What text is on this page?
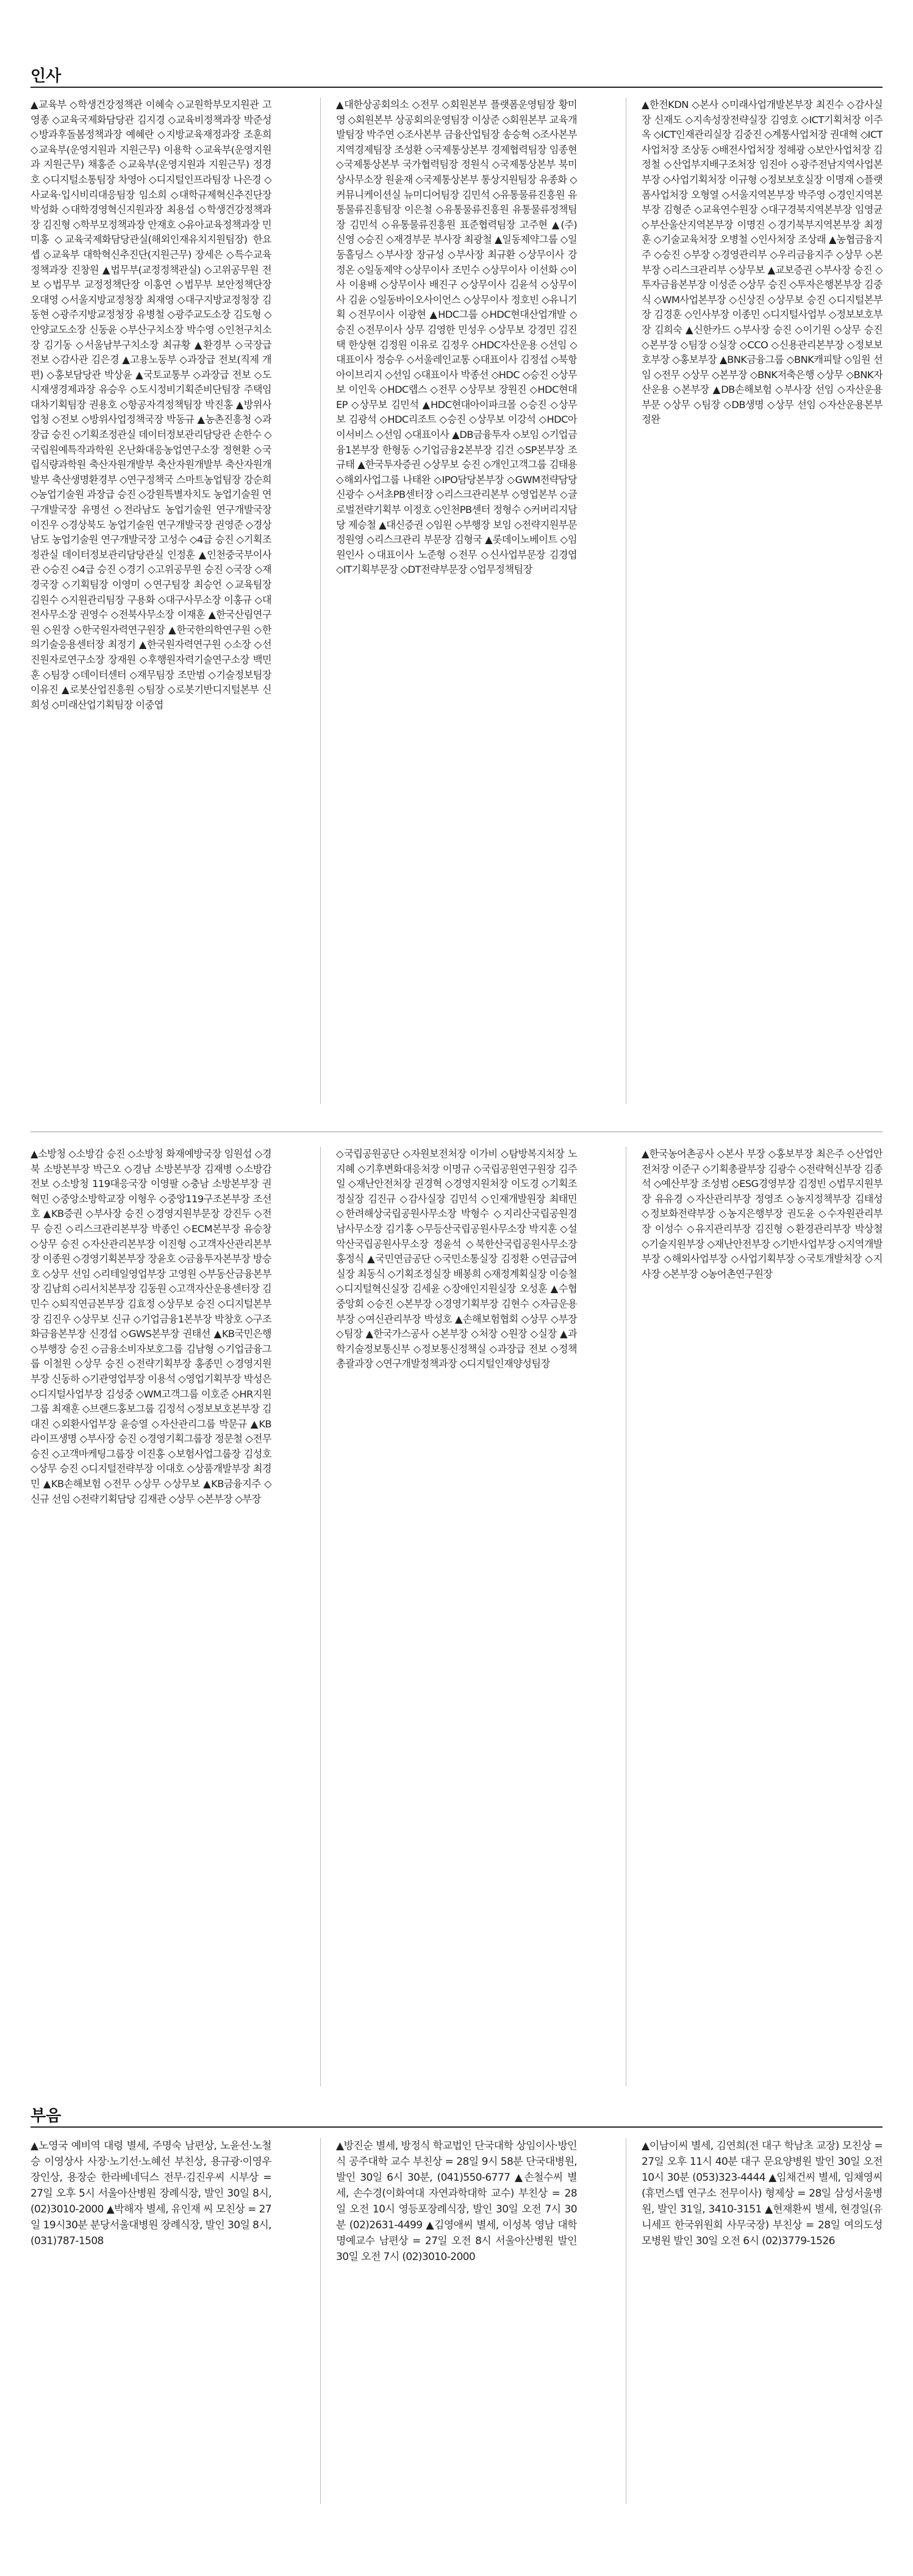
인사

▲교육부 ◇학생건강정책관 이혜숙 ◇교원학부모지원관 고영종 ◇교육국제화담당관 김지경 ◇교육비정책과장 박준성 ◇방과후돌봄정책과장 예혜란 ◇지방교육재정과장 조훈희 ◇교육부(운영지원과 지원근무) 이용학 ◇교육부(운영지원과 지원근무) 채홍준 ◇교육부(운영지원과 지원근무) 정경호 ◇디지털소통팀장 차영아 ◇디지털인프라팀장 나은경 ◇사교육·입시비리대응팀장 임소희 ◇대학규제혁신추진단장 박성화 ◇대학경영혁신지원과장 최용섭 ◇학생건강정책과장 김진형 ◇학부모정책과장 안재호 ◇유아교육정책과장 민미홍 ◇교육국제화담당관실(해외인재유치지원팀장) 한요셉 ◇교육부 대학혁신추진단(지원근무) 장세은 ◇특수교육정책과장 진창원 ▲법무부(교정정책관실) ◇고위공무원 전보 ◇법무부 교정정책단장 이홍연 ◇법무부 보안정책단장 오대영 ◇서울지방교정청장 최재영 ◇대구지방교정청장 김동현 ◇광주지방교정청장 유병철 ◇광주교도소장 김도형 ◇안양교도소장 신동윤 ◇부산구치소장 박수영 ◇인천구치소장 김기동 ◇서울남부구치소장 최규황 ▲환경부 ◇국장급 전보 ◇감사관 김은경 ▲고용노동부 ◇과장급 전보(직제 개편) ◇홍보담당관 박상윤 ▲국토교통부 ◇과장급 전보 ◇도시재생경제과장 유승우 ◇도시정비기획준비단팀장 주택임대차기획팀장 권용호 ◇항공자격정책팀장 박진홍 ▲방위사업청 ◇전보 ◇방위사업정책국장 박동규 ▲농촌진흥청 ◇과장급 승진 ◇기획조정관실 데이터정보관리담당관 손한수 ◇국립원예특작과학원 온난화대응농업연구소장 정현환 ◇국립식량과학원 축산자원개발부 축산자원개발부 축산자원개발부 축산생명환경부 ◇연구정책국 스마트농업팀장 강순희 ◇농업기술원 과장급 승진 ◇강원특별자치도 농업기술원 연구개발국장 유명선 ◇전라남도 농업기술원 연구개발국장 이진우 ◇경상북도 농업기술원 연구개발국장 권영준 ◇경상남도 농업기술원 연구개발국장 고성수 ◇4급 승진 ◇기획조정관실 데이터정보관리담당관실 인정훈 ▲인천중국부이사관 ◇승진 ◇4급 승진 ◇경기 ◇고위공무원 승진 ◇국장 ◇재경국장 ◇기획팀장 이영미 ◇연구팀장 최승언 ◇교육팀장 김원수 ◇지원관리팀장 구용화 ◇대구사무소장 이홍규 ◇대전사무소장 권영수 ◇전북사무소장 이재훈 ▲한국산림연구원 ◇원장 ◇한국원자력연구원장 ▲한국한의학연구원 ◇한의기술응용센터장 최정기 ▲한국원자력연구원 ◇소장 ◇선진원자로연구소장 장재원 ◇후행원자력기술연구소장 백민훈 ◇팀장 ◇데이터센터 ◇재무팀장 조만범 ◇기술정보팀장 이유진 ▲로봇산업진흥원 ◇팀장 ◇로봇기반디지털본부 신희성 ◇미래산업기획팀장 이중엽

▲대한상공회의소 ◇전무 ◇회원본부 플랫폼운영팀장 황미영 ◇회원본부 상공회의운영팀장 이상준 ◇회원본부 교육개발팀장 박주연 ◇조사본부 금융산업팀장 송승혁 ◇조사본부 지역경제팀장 조성환 ◇국제통상본부 경제협력팀장 임종현 ◇국제통상본부 국가협력팀장 정원식 ◇국제통상본부 북미상사무소장 원윤재 ◇국제통상본부 통상지원팀장 유종화 ◇커뮤니케이션실 뉴미디어팀장 김민석 ◇유통물류진흥원 유통물류진흥팀장 이은철 ◇유통물류진흥원 유통물류정책팀장 김민석 ◇유통물류진흥원 표준협력팀장 고주현 ▲(주) 신영 ◇승진 ◇재경부문 부사장 최광철 ▲일동제약그룹 ◇일동홀딩스 ◇부사장 장규성 ◇부사장 최규환 ◇상무이사 강정온 ◇일동제약 ◇상무이사 조민수 ◇상무이사 이선화 ◇이사 이용배 ◇상무이사 배진구 ◇상무이사 김윤석 ◇상무이사 김윤 ◇일동바이오사이언스 ◇상무이사 정호빈 ◇유니기획 ◇전무이사 이광현 ▲HDC그룹 ◇HDC현대산업개발 ◇승진 ◇전무이사 상무 김영한 민성우 ◇상무보 강경민 김진택 한상현 김정원 이유로 김정우 ◇HDC자산운용 ◇선임 ◇대표이사 정승우 ◇서울레인교통 ◇대표이사 김정섭 ◇북항아이브리지 ◇선임 ◇대표이사 박종선 ◇HDC ◇승진 ◇상무보 이인욱 ◇HDC랩스 ◇전무 ◇상무보 장원진 ◇HDC현대EP ◇상무보 김민석 ▲HDC현대아이파크몰 ◇승진 ◇상무보 김광석 ◇HDC리조트 ◇승진 ◇상무보 이강석 ◇HDC아이서비스 ◇선임 ◇대표이사 ▲DB금융투자 ◇보임 ◇기업금융1본부장 한형동 ◇기업금융2본부장 김건 ◇SP본부장 조규태 ▲한국투자증권 ◇상무보 승진 ◇개인고객그룹 김태용 ◇해외사업그룹 나태완 ◇IPO담당본부장 ◇GWM전략담당 신광수 ◇서초PB센터장 ◇리스크관리본부 ◇영업본부 ◇글로벌전략기획부 이정호 ◇인천PB센터 정형수 ◇커버리지담당 제승철 ▲대신증권 ◇임원 ◇부행장 보임 ◇전략지원부문 정원영 ◇리스크관리 부문장 김형국 ▲롯데이노베이트 ◇임원인사 ◇대표이사 노준형 ◇전무 ◇신사업부문장 김경엽 ◇IT기획부문장 ◇DT전략부문장 ◇업무정책팀장

▲한전KDN ◇본사 ◇미래사업개발본부장 최진수 ◇감사실장 신재도 ◇지속성장전략실장 김영호 ◇ICT기획처장 이주옥 ◇ICT인재관리실장 김중진 ◇계통사업처장 권대혁 ◇ICT사업처장 조상동 ◇배전사업처장 정해광 ◇보안사업처장 김정철 ◇산업부지배구조처장 임진아 ◇광주전남지역사업본부장 ◇사업기획처장 이규형 ◇정보보호실장 이명재 ◇플랫폼사업처장 오형열 ◇서울지역본부장 박주영 ◇경인지역본부장 김형준 ◇교육연수원장 ◇대구경북지역본부장 임영균 ◇부산울산지역본부장 이명진 ◇경기북부지역본부장 최정훈 ◇기술교육처장 오병철 ◇인사처장 조상래 ▲농협금융지주 ◇승진 ◇부장 ◇경영관리부 ◇우리금융지주 ◇상무 ◇본부장 ◇리스크관리부 ◇상무보 ▲교보증권 ◇부사장 승진 ◇투자금융본부장 이성준 ◇상무 승진 ◇투자은행본부장 김중식 ◇WM사업본부장 ◇신상진 ◇상무보 승진 ◇디지털본부장 김경훈 ◇인사부장 이종민 ◇디지털사업부 ◇정보보호부장 김희숙 ▲신한카드 ◇부사장 승진 ◇이기원 ◇상무 승진 ◇본부장 ◇팀장 ◇실장 ◇CCO ◇신용관리본부장 ◇정보보호부장 ◇홍보부장 ▲BNK금융그룹 ◇BNK캐피탈 ◇임원 선임 ◇전무 ◇상무 ◇본부장 ◇BNK저축은행 ◇상무 ◇BNK자산운용 ◇본부장 ▲DB손해보험 ◇부사장 선임 ◇자산운용부문 ◇상무 ◇팀장 ◇DB생명 ◇상무 선임 ◇자산운용본부 정완

▲소방청 ◇소방감 승진 ◇소방청 화재예방국장 임원섭 ◇경북 소방본부장 박근오 ◇경남 소방본부장 김재병 ◇소방감 전보 ◇소방청 119대응국장 이영팔 ◇충남 소방본부장 권혁민 ◇중앙소방학교장 이형우 ◇중앙119구조본부장 조선호 ▲KB증권 ◇부사장 승진 ◇경영지원부문장 강진두 ◇전무 승진 ◇리스크관리본부장 박종인 ◇ECM본부장 유승창 ◇상무 승진 ◇자산관리본부장 이진형 ◇고객자산관리본부장 이종원 ◇경영기획본부장 장윤호 ◇금융투자본부장 방승호 ◇상무 선임 ◇리테일영업부장 고영원 ◇부동산금융본부장 김남희 ◇리서치본부장 김동원 ◇고객자산운용센터장 김민수 ◇퇴직연금본부장 김효정 ◇상무보 승진 ◇디지털본부장 김진우 ◇상무보 신규 ◇기업금융1본부장 박창호 ◇구조화금융본부장 신경섭 ◇GWS본부장 권태선 ▲KB국민은행 ◇부행장 승진 ◇금융소비자보호그룹 김남형 ◇기업금융그룹 이철원 ◇상무 승진 ◇전략기획부장 홍종민 ◇경영지원부장 신동하 ◇기관영업부장 이용석 ◇영업기획부장 박성은 ◇디지털사업부장 김성중 ◇WM고객그룹 이호준 ◇HR지원그룹 최재훈 ◇브랜드홍보그룹 김정석 ◇정보보호본부장 김대진 ◇외환사업부장 윤승열 ◇자산관리그룹 박문규 ▲KB라이프생명 ◇부사장 승진 ◇경영기획그룹장 정문철 ◇전무 승진 ◇고객마케팅그룹장 이진홍 ◇보험사업그룹장 김성호 ◇상무 승진 ◇디지털전략부장 이대호 ◇상품개발부장 최경민 ▲KB손해보험 ◇전무 ◇상무 ◇상무보 ▲KB금융지주 ◇신규 선임 ◇전략기획담당 김재관 ◇상무 ◇본부장 ◇부장

◇국립공원공단 ◇자원보전처장 이가비 ◇탐방복지처장 노지혜 ◇기후변화대응처장 이명규 ◇국립공원연구원장 김주일 ◇재난안전처장 권경혁 ◇경영지원처장 이도경 ◇기획조정실장 김진규 ◇감사실장 김민석 ◇인재개발원장 최태민 ◇한려해상국립공원사무소장 박형수 ◇지리산국립공원경남사무소장 김기홍 ◇무등산국립공원사무소장 박지훈 ◇설악산국립공원사무소장 정윤석 ◇북한산국립공원사무소장 홍정식 ▲국민연금공단 ◇국민소통실장 김정환 ◇연금급여실장 최동식 ◇기획조정실장 배봉희 ◇재정계획실장 이승철 ◇디지털혁신실장 김세윤 ◇장애인지원실장 오성훈 ▲수협중앙회 ◇승진 ◇본부장 ◇경영기획부장 김현수 ◇자금운용부장 ◇여신관리부장 박성호 ▲손해보험협회 ◇상무 ◇부장 ◇팀장 ▲한국가스공사 ◇본부장 ◇처장 ◇원장 ◇실장 ▲과학기술정보통신부 ◇정보통신정책실 ◇과장급 전보 ◇정책총괄과장 ◇연구개발정책과장 ◇디지털인재양성팀장

▲한국농어촌공사 ◇본사 부장 ◇홍보부장 최은주 ◇산업안전처장 이준구 ◇기획총괄부장 김광수 ◇전략혁신부장 김종석 ◇예산부장 조성범 ◇ESG경영부장 김정빈 ◇법무지원부장 유유경 ◇자산관리부장 정영조 ◇농지정책부장 김태성 ◇정보화전략부장 ◇농지은행부장 권도윤 ◇수자원관리부장 이성수 ◇유지관리부장 김진형 ◇환경관리부장 박상철 ◇기술지원부장 ◇재난안전부장 ◇기반사업부장 ◇지역개발부장 ◇해외사업부장 ◇사업기획부장 ◇국토개발처장 ◇지사장 ◇본부장 ◇농어촌연구원장

부음

▲노영국 예비역 대령 별세, 주명숙 남편상, 노윤선·노철승 이영상사 사장·노기선·노혜선 부친상, 용규광·이영우 장인상, 용장순 한라베네딕스 전무·김진우씨 시부상 = 27일 오후 5시 서울아산병원 장례식장, 발인 30일 8시, (02)3010-2000 ▲박해자 별세, 유인재 씨 모친상 = 27일 19시30분 분당서울대병원 장례식장, 발인 30일 8시, (031)787-1508

▲방진순 별세, 방정식 학교법인 단국대학 상임이사·방인식 공주대학 교수 부친상 = 28일 9시 58분 단국대병원, 발인 30일 6시 30분, (041)550-6777 ▲손철수씨 별세, 손수경(이화여대 자연과학대학 교수) 부친상 = 28일 오전 10시 영등포장례식장, 발인 30일 오전 7시 30분 (02)2631-4499 ▲김영애씨 별세, 이성복 영남 대학 명예교수 남편상 = 27일 오전 8시 서울아산병원 발인 30일 오전 7시 (02)3010-2000

▲이남이씨 별세, 김연희(전 대구 학남초 교장) 모친상 = 27일 오후 11시 40분 대구 문요양병원 발인 30일 오전 10시 30분 (053)323-4444 ▲임채건씨 별세, 임채영씨(휴먼스텝 연구소 전무이사) 형제상 = 28일 삼성서울병원, 발인 31일, 3410-3151 ▲현재환씨 별세, 현경일(유니세프 한국위원회 사무국장) 부친상 = 28일 여의도성모병원 발인 30일 오전 6시 (02)3779-1526
